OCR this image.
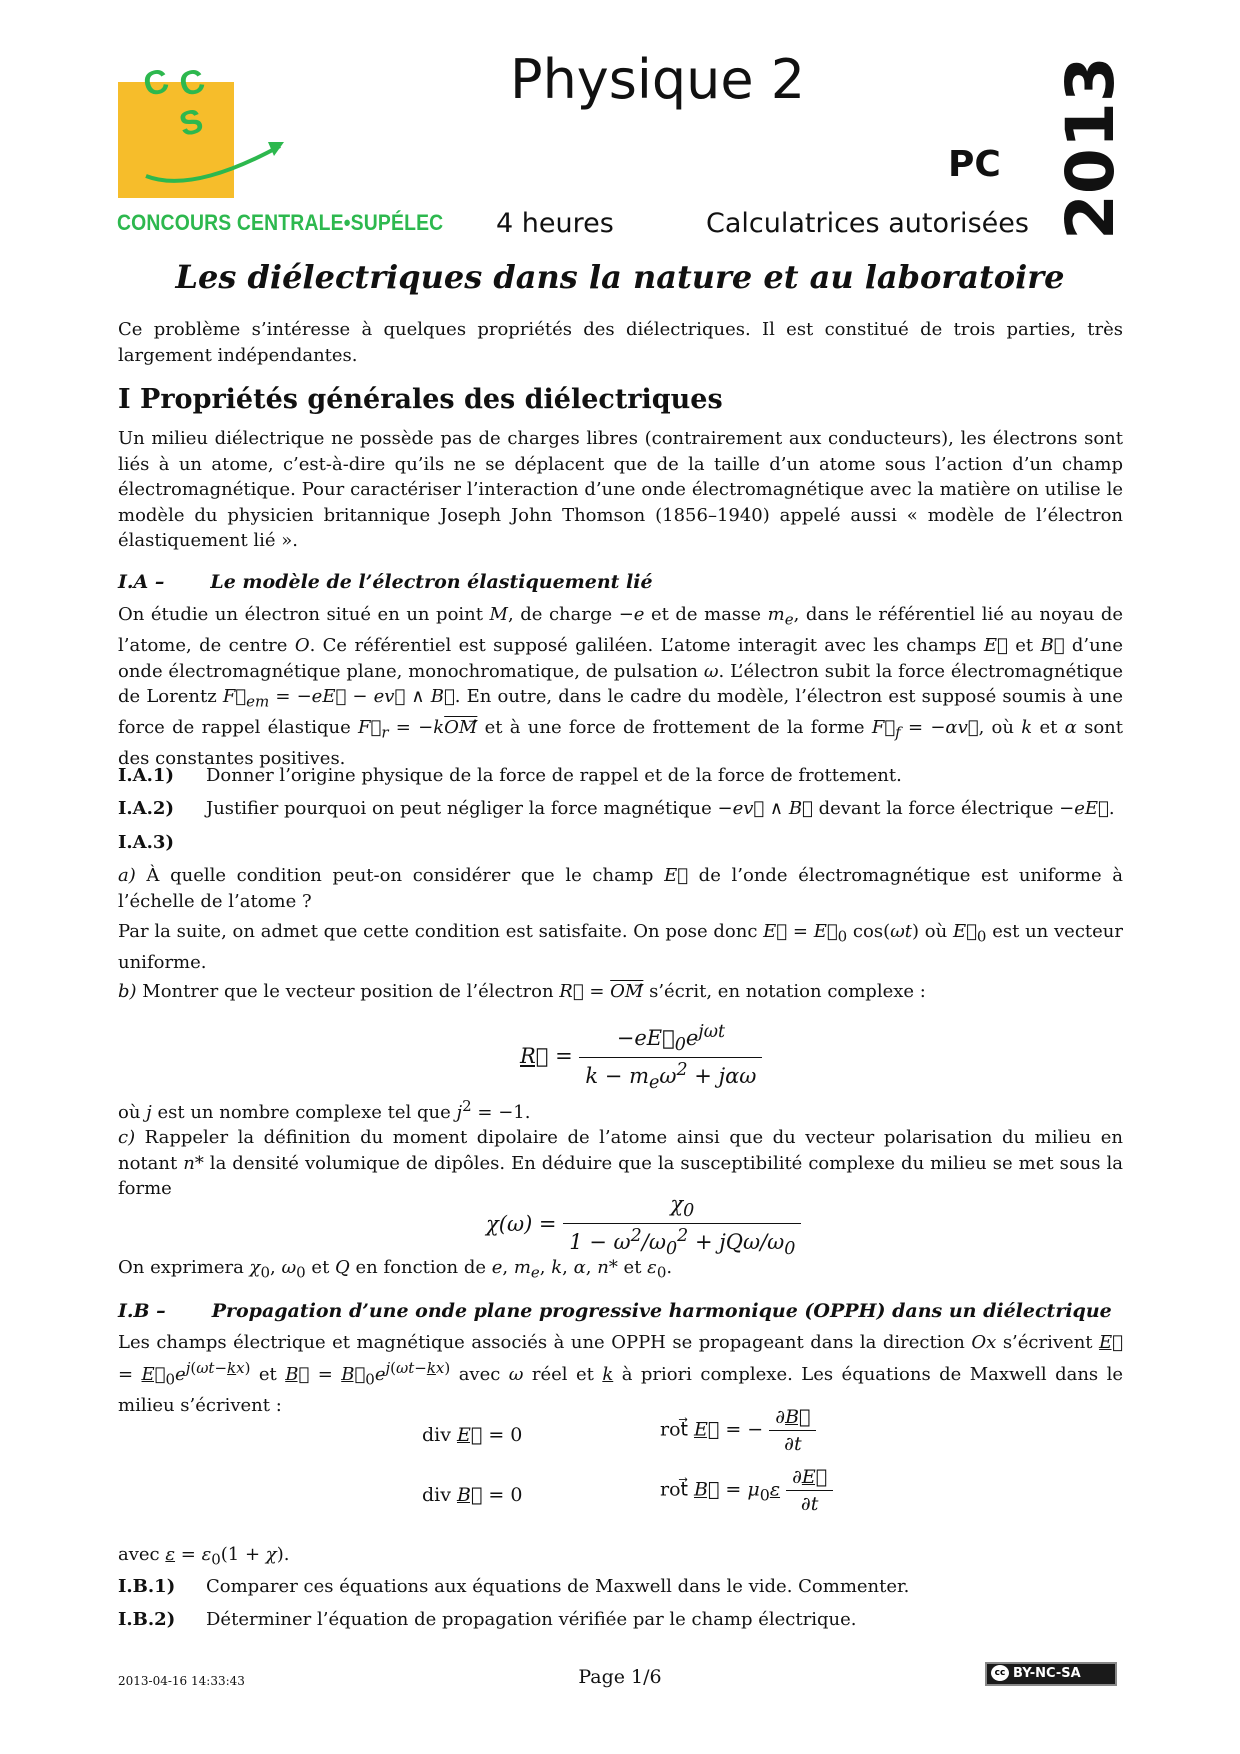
C C
S
CONCOURS CENTRALE•SUPÉLEC
Physique 2
PC 2013
4 heures	Calculatrices autorisées
Les diélectriques dans la nature et au laboratoire
Ce problème s’intéresse à quelques propriétés des diélectriques. Il est constitué de trois parties, très largement indépendantes.
I Propriétés générales des diélectriques
Un milieu diélectrique ne possède pas de charges libres (contrairement aux conducteurs), les électrons sont liés à un atome, c’est-à-dire qu’ils ne se déplacent que de la taille d’un atome sous l’action d’un champ électromagnétique. Pour caractériser l’interaction d’une onde électromagnétique avec la matière on utilise le modèle du physicien britannique Joseph John Thomson (1856–1940) appelé aussi « modèle de l’électron élastiquement lié ».
I.A – Le modèle de l’électron élastiquement lié
On étudie un électron situé en un point M, de charge −e et de masse $m_e$, dans le référentiel lié au noyau de l’atome, de centre O. Ce référentiel est supposé galiléen. L’atome interagit avec les champs E⃗ et B⃗ d’une onde électromagnétique plane, monochromatique, de pulsation ω. L’électron subit la force électromagnétique de Lorentz $F⃗_{em}$ = −eE⃗ − ev⃗ ∧ B⃗. En outre, dans le cadre du modèle, l’électron est supposé soumis à une force de rappel élastique $F⃗_r$ = $-k\overline{OM}⃗$ et à une force de frottement de la forme $F⃗_f$ = −αv⃗, où k et α sont des constantes positives.
I.A.1) Donner l’origine physique de la force de rappel et de la force de frottement.
I.A.2) Justifier pourquoi on peut négliger la force magnétique −ev⃗ ∧ B⃗ devant la force électrique −eE⃗.
I.A.3)
a) À quelle condition peut-on considérer que le champ E⃗ de l’onde électromagnétique est uniforme à l’échelle de l’atome ?
Par la suite, on admet que cette condition est satisfaite. On pose donc E⃗ = $E⃗_0$ cos(ωt) où $E⃗_0$ est un vecteur uniforme.
b) Montrer que le vecteur position de l’électron R⃗ = $\overline{OM}⃗$ s’écrit, en notation complexe :
R⃗ = $\frac{-eE⃗_0e^{j\omega t}}{k - m_e\omega^2 + j\alpha\omega}$
où j est un nombre complexe tel que $j^2 = -1$.
c) Rappeler la définition du moment dipolaire de l’atome ainsi que du vecteur polarisation du milieu en notant n* la densité volumique de dipôles. En déduire que la susceptibilité complexe du milieu se met sous la forme
$\chi(\omega) = \frac{\chi_0}{1 - \omega^2/\omega_0^2 + jQ\omega/\omega_0}$
On exprimera $\chi_0$, $\omega_0$ et Q en fonction de e, $m_e$, k, α, n* et $\varepsilon_0$.
I.B – Propagation d’une onde plane progressive harmonique (OPPH) dans un diélectrique
Les champs électrique et magnétique associés à une OPPH se propageant dans la direction Ox s’écrivent E⃗ = $E⃗_0e^{j(\omega t-kx)}$ et B⃗ = $B⃗_0e^{j(\omega t-kx)}$ avec ω réel et k à priori complexe. Les équations de Maxwell dans le milieu s’écrivent :
div E⃗ = 0	rot⃗ E⃗ = − $\frac{\partial B⃗}{\partial t}$
div B⃗ = 0	rot⃗ B⃗ = $\mu_0\varepsilon \frac{\partial E⃗}{\partial t}$
avec $\varepsilon = \varepsilon_0(1 + \chi)$.
I.B.1) Comparer ces équations aux équations de Maxwell dans le vide. Commenter.
I.B.2) Déterminer l’équation de propagation vérifiée par le champ électrique.
2013-04-16 14:33:43	Page 1/6	cc BY-NC-SA
